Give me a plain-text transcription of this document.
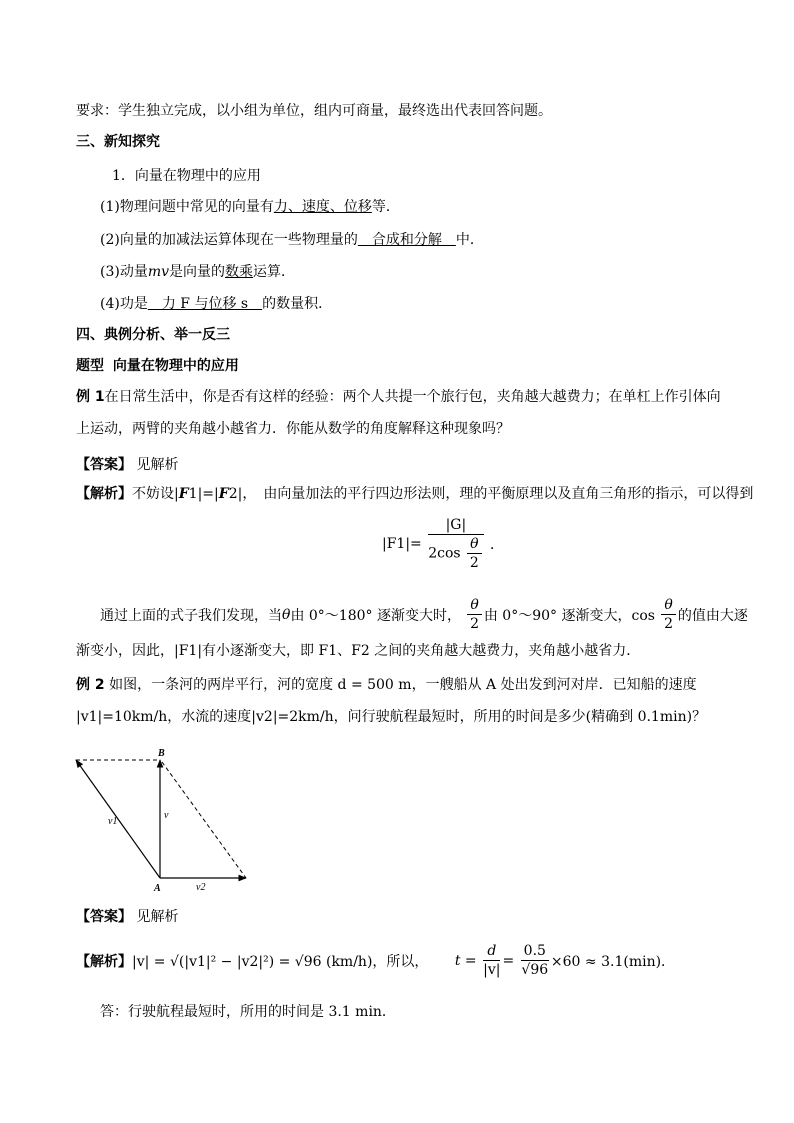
要求：学生独立完成，以小组为单位，组内可商量，最终选出代表回答问题。
三、新知探究
1．向量在物理中的应用
(1)物理问题中常见的向量有力、速度、位移等．
(2)向量的加减法运算体现在一些物理量的　合成和分解　中．
(3)动量mv是向量的数乘运算．
(4)功是　力 F 与位移 s　的数量积．
四、典例分析、举一反三
题型 向量在物理中的应用
例 1在日常生活中，你是否有这样的经验：两个人共提一个旅行包，夹角越大越费力；在单杠上作引体向
上运动，两臂的夹角越小越省力．你能从数学的角度解释这种现象吗？
【答案】 见解析
【解析】不妨设|F1|=|F2|，　由向量加法的平行四边形法则，理的平衡原理以及直角三角形的指示，可以得到
$|F1|= \frac{|G|}{2\cos \frac{\theta}{2}}$ ．
通过上面的式子我们发现，当θ由 0°～180° 逐渐变大时， $\frac{\theta}{2}$ 由 0°～90° 逐渐变大，$\cos \frac{\theta}{2}$ 的值由大逐
渐变小，因此，|F1|有小逐渐变大，即 F1、F2 之间的夹角越大越费力，夹角越小越省力．
例 2 如图，一条河的两岸平行，河的宽度 d = 500 m，一艘船从 A 处出发到河对岸．已知船的速度
|v1|=10km/h，水流的速度|v2|=2km/h，问行驶航程最短时，所用的时间是多少(精确到 0.1min)？
B
A
v
v1
v2
【答案】 见解析
【解析】|v| = √(|v1|² − |v2|²) = √96 (km/h)，所以， $t = \frac{d}{|v|} = \frac{0.5}{√96} \times 60 \approx 3.1(\min)$．
答：行驶航程最短时，所用的时间是 3.1 min．
